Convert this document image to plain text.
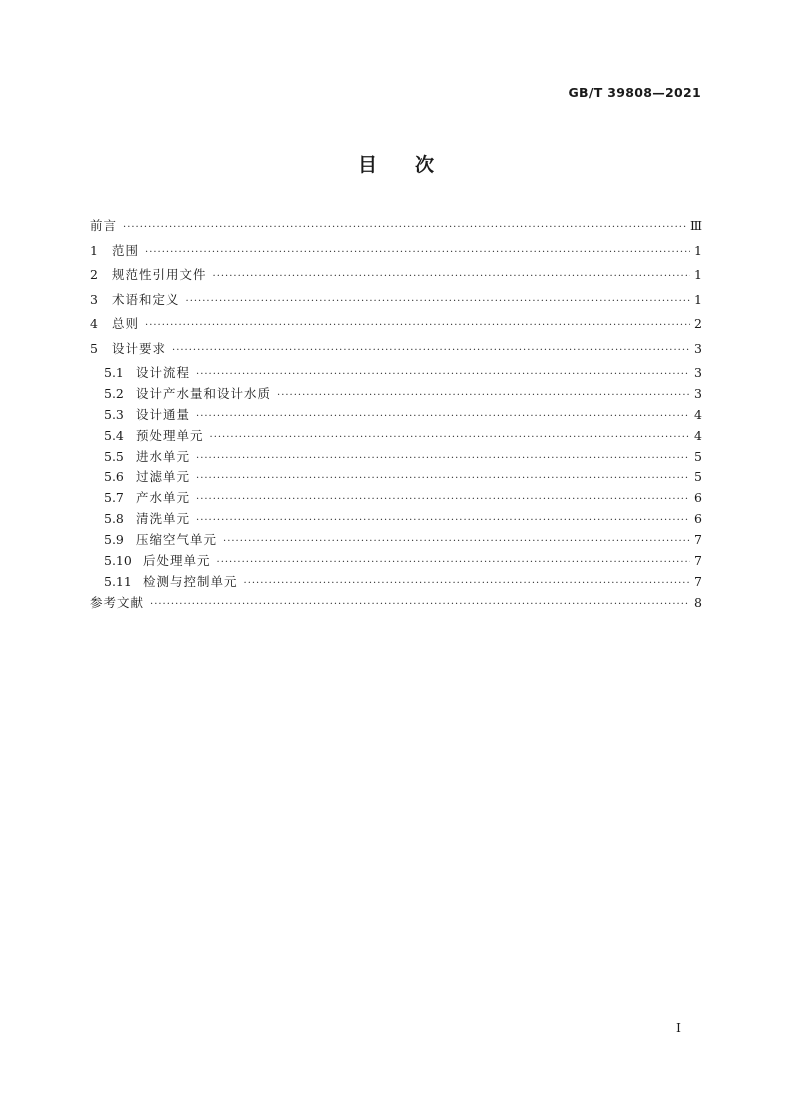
GB/T 39808—2021
目次
前言 ·····	Ⅲ
1	范围 ·····	1
2	规范性引用文件 ·····	1
3	术语和定义 ·····	1
4	总则 ·····	2
5	设计要求 ·····	3
5.1 设计流程 ·····	3
5.2 设计产水量和设计水质 ·····	3
5.3 设计通量 ·····	4
5.4 预处理单元 ·····	4
5.5 进水单元 ·····	5
5.6 过滤单元 ·····	5
5.7 产水单元 ·····	6
5.8 清洗单元 ·····	6
5.9 压缩空气单元 ·····	7
5.10 后处理单元 ·····	7
5.11 检测与控制单元 ·····	7
参考文献 ·····	8
I
